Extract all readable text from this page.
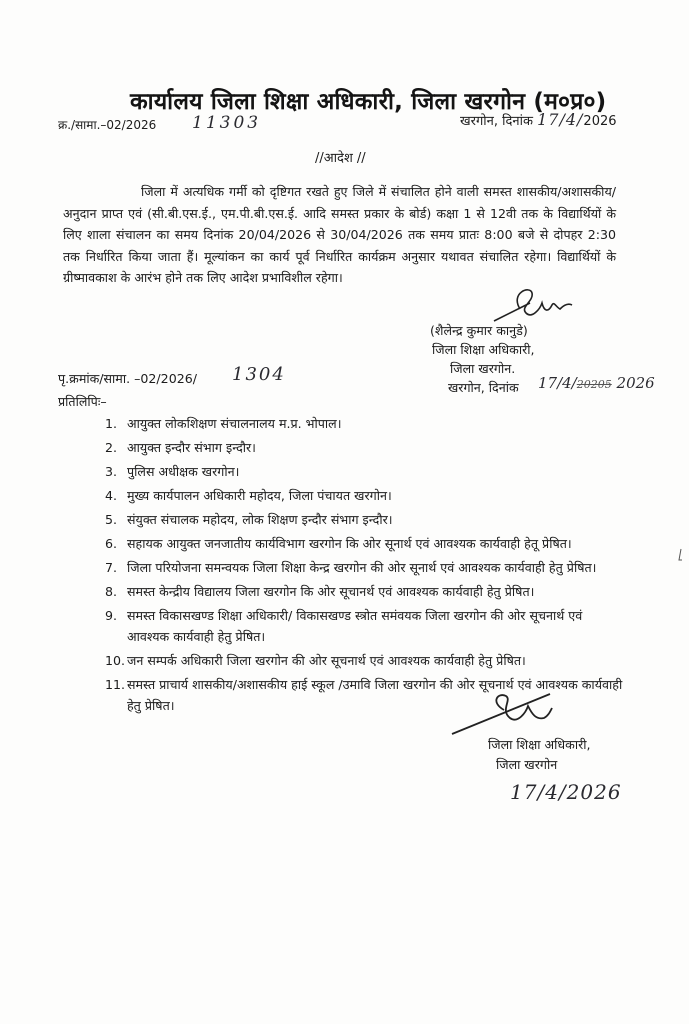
कार्यालय जिला शिक्षा अधिकारी, जिला खरगोन (म०प्र०)
क्र./सामा.–02/2026 11303	खरगोन, दिनांक 17/4/2026
//आदेश //
जिला में अत्यधिक गर्मी को दृष्टिगत रखते हुए जिले में संचालित होने वाली समस्त शासकीय/अशासकीय/अनुदान प्राप्त एवं (सी.बी.एस.ई., एम.पी.बी.एस.ई. आदि समस्त प्रकार के बोर्ड) कक्षा 1 से 12वी तक के विद्यार्थियों के लिए शाला संचालन का समय दिनांक 20/04/2026 से 30/04/2026 तक समय प्रातः 8:00 बजे से दोपहर 2:30 तक निर्धारित किया जाता हैं। मूल्यांकन का कार्य पूर्व निर्धारित कार्यक्रम अनुसार यथावत संचालित रहेगा। विद्यार्थियों के ग्रीष्मावकाश के आरंभ होने तक लिए आदेश प्रभाविशील रहेगा।
(शैलेन्द्र कुमार कानुडे)
जिला शिक्षा अधिकारी,
जिला खरगोन.
खरगोन, दिनांक 17/4/20205 2026
पृ.क्रमांक/सामा. –02/2026/ 1304
प्रतिलिपिः–
1. आयुक्त लोकशिक्षण संचालनालय म.प्र. भोपाल।
2. आयुक्त इन्दौर संभाग इन्दौर।
3. पुलिस अधीक्षक खरगोन।
4. मुख्य कार्यपालन अधिकारी महोदय, जिला पंचायत खरगोन।
5. संयुक्त संचालक महोदय, लोक शिक्षण इन्दौर संभाग इन्दौर।
6. सहायक आयुक्त जनजातीय कार्यविभाग खरगोन कि ओर सूनार्थ एवं आवश्यक कार्यवाही हेतू प्रेषित।
7. जिला परियोजना समन्वयक जिला शिक्षा केन्द्र खरगोन की ओर सूनार्थ एवं आवश्यक कार्यवाही हेतु प्रेषित।
8. समस्त केन्द्रीय विद्यालय जिला खरगोन कि ओर सूचानर्थ एवं आवश्यक कार्यवाही हेतु प्रेषित।
9. समस्त विकासखण्ड शिक्षा अधिकारी/ विकासखण्ड स्त्रोत समंवयक जिला खरगोन की ओर सूचनार्थ एवं आवश्यक कार्यवाही हेतु प्रेषित।
10. जन सम्पर्क अधिकारी जिला खरगोन की ओर सूचनार्थ एवं आवश्यक कार्यवाही हेतु प्रेषित।
11. समस्त प्राचार्य शासकीय/अशासकीय हाई स्कूल /उमावि जिला खरगोन की ओर सूचनार्थ एवं आवश्यक कार्यवाही हेतु प्रेषित।
जिला शिक्षा अधिकारी,
जिला खरगोन
17/4/2026
